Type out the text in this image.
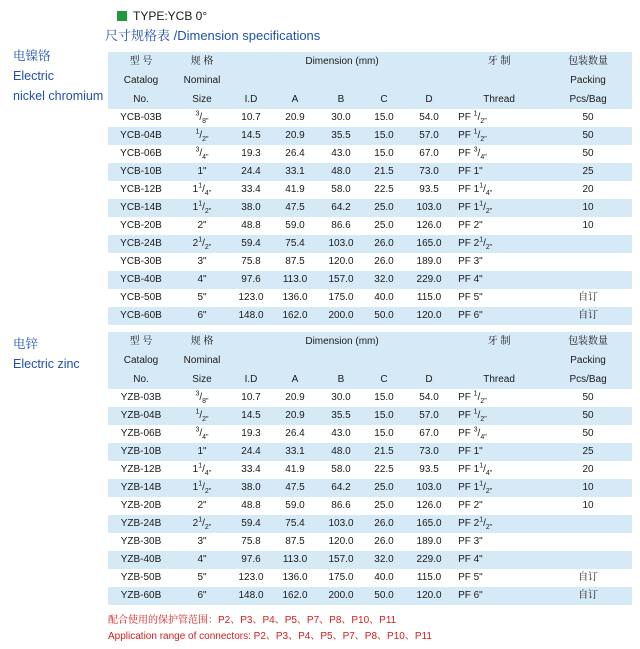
TYPE:YCB 0°
尺寸规格表 /Dimension specifications
电镍铬
Electric
nickel chromium
电锌
Electric zinc
型 号	规 格	Dimension (mm)					牙 制	包装数量
Catalog	Nominal							Packing
No.	Size	I.D	A	B	C	D	Thread	Pcs/Bag
YCB-03B	$^3/_{8"}$	10.7	20.9	30.0	15.0	54.0	PF $^1/_{2"}$	50
YCB-04B	$^1/_{2"}$	14.5	20.9	35.5	15.0	57.0	PF $^1/_{2"}$	50
YCB-06B	$^3/_{4"}$	19.3	26.4	43.0	15.0	67.0	PF $^3/_{4"}$	50
YCB-10B	1"	24.4	33.1	48.0	21.5	73.0	PF 1"	25
YCB-12B	$1^1/_{4"}$	33.4	41.9	58.0	22.5	93.5	PF $1^1/_{4"}$	20
YCB-14B	$1^1/_{2"}$	38.0	47.5	64.2	25.0	103.0	PF $1^1/_{2"}$	10
YCB-20B	2"	48.8	59.0	86.6	25.0	126.0	PF 2"	10
YCB-24B	$2^1/_{2"}$	59.4	75.4	103.0	26.0	165.0	PF $2^1/_{2"}$	
YCB-30B	3"	75.8	87.5	120.0	26.0	189.0	PF 3"	
YCB-40B	4"	97.6	113.0	157.0	32.0	229.0	PF 4"	
YCB-50B	5"	123.0	136.0	175.0	40.0	115.0	PF 5"	自订
YCB-60B	6"	148.0	162.0	200.0	50.0	120.0	PF 6"	自订
型 号	规 格	Dimension (mm)					牙 制	包装数量
Catalog	Nominal							Packing
No.	Size	I.D	A	B	C	D	Thread	Pcs/Bag
YZB-03B	$^3/_{8"}$	10.7	20.9	30.0	15.0	54.0	PF $^1/_{2"}$	50
YZB-04B	$^1/_{2"}$	14.5	20.9	35.5	15.0	57.0	PF $^1/_{2"}$	50
YZB-06B	$^3/_{4"}$	19.3	26.4	43.0	15.0	67.0	PF $^3/_{4"}$	50
YZB-10B	1"	24.4	33.1	48.0	21.5	73.0	PF 1"	25
YZB-12B	$1^1/_{4"}$	33.4	41.9	58.0	22.5	93.5	PF $1^1/_{4"}$	20
YZB-14B	$1^1/_{2"}$	38.0	47.5	64.2	25.0	103.0	PF $1^1/_{2"}$	10
YZB-20B	2"	48.8	59.0	86.6	25.0	126.0	PF 2"	10
YZB-24B	$2^1/_{2"}$	59.4	75.4	103.0	26.0	165.0	PF $2^1/_{2"}$	
YZB-30B	3"	75.8	87.5	120.0	26.0	189.0	PF 3"	
YZB-40B	4"	97.6	113.0	157.0	32.0	229.0	PF 4"	
YZB-50B	5"	123.0	136.0	175.0	40.0	115.0	PF 5"	自订
YZB-60B	6"	148.0	162.0	200.0	50.0	120.0	PF 6"	自订
配合使用的保护管范围：P2、P3、P4、P5、P7、P8、P10、P11
Application range of connectors: P2、P3、P4、P5、P7、P8、P10、P11
